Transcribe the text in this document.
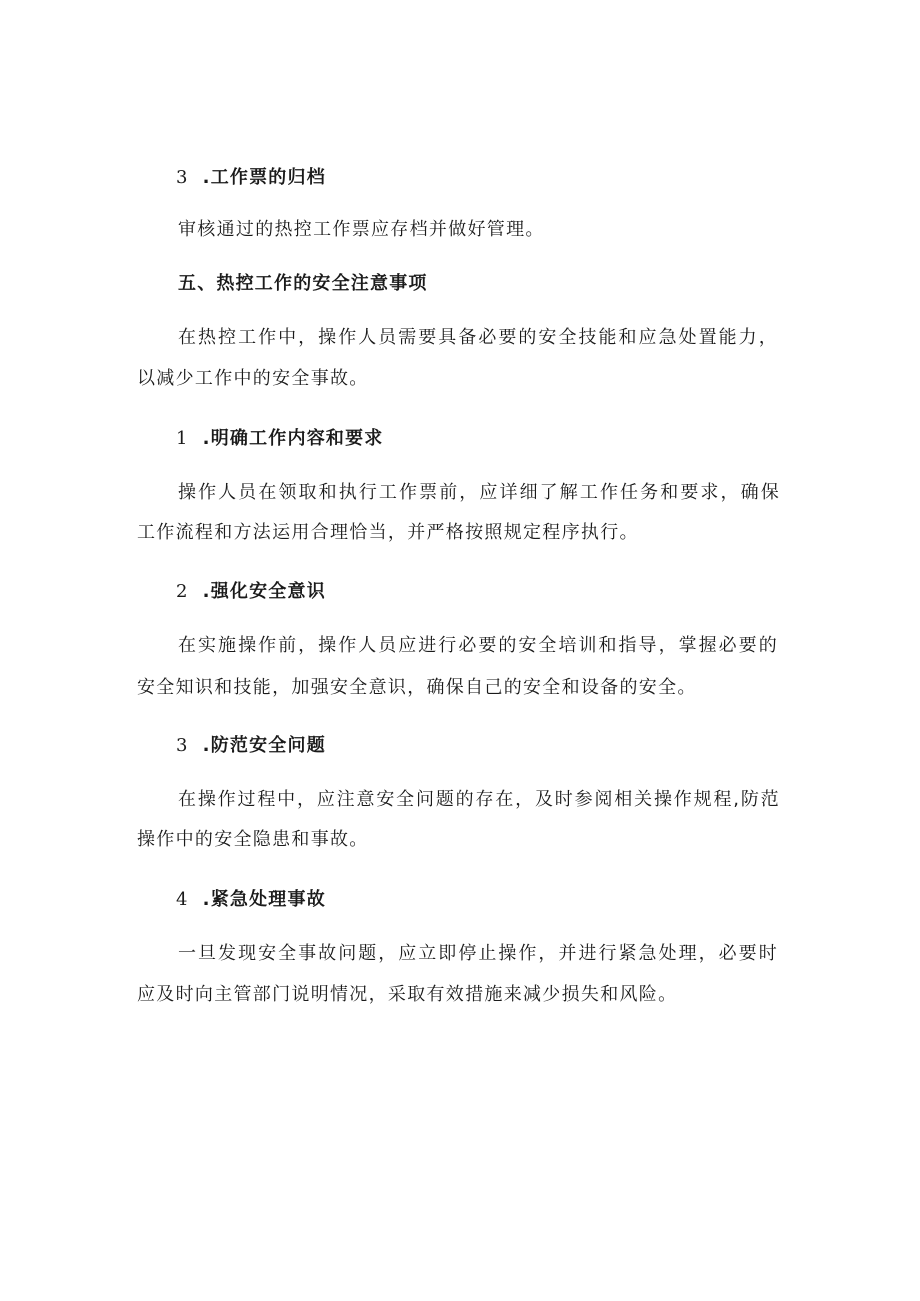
3 .工作票的归档

审核通过的热控工作票应存档并做好管理。

五、热控工作的安全注意事项

在热控工作中，操作人员需要具备必要的安全技能和应急处置能力，

以减少工作中的安全事故。

1 .明确工作内容和要求

操作人员在领取和执行工作票前，应详细了解工作任务和要求，确保

工作流程和方法运用合理恰当，并严格按照规定程序执行。

2 .强化安全意识

在实施操作前，操作人员应进行必要的安全培训和指导，掌握必要的

安全知识和技能，加强安全意识，确保自己的安全和设备的安全。

3 .防范安全问题

在操作过程中，应注意安全问题的存在，及时参阅相关操作规程,防范

操作中的安全隐患和事故。

4 .紧急处理事故

一旦发现安全事故问题，应立即停止操作，并进行紧急处理，必要时

应及时向主管部门说明情况，采取有效措施来减少损失和风险。
